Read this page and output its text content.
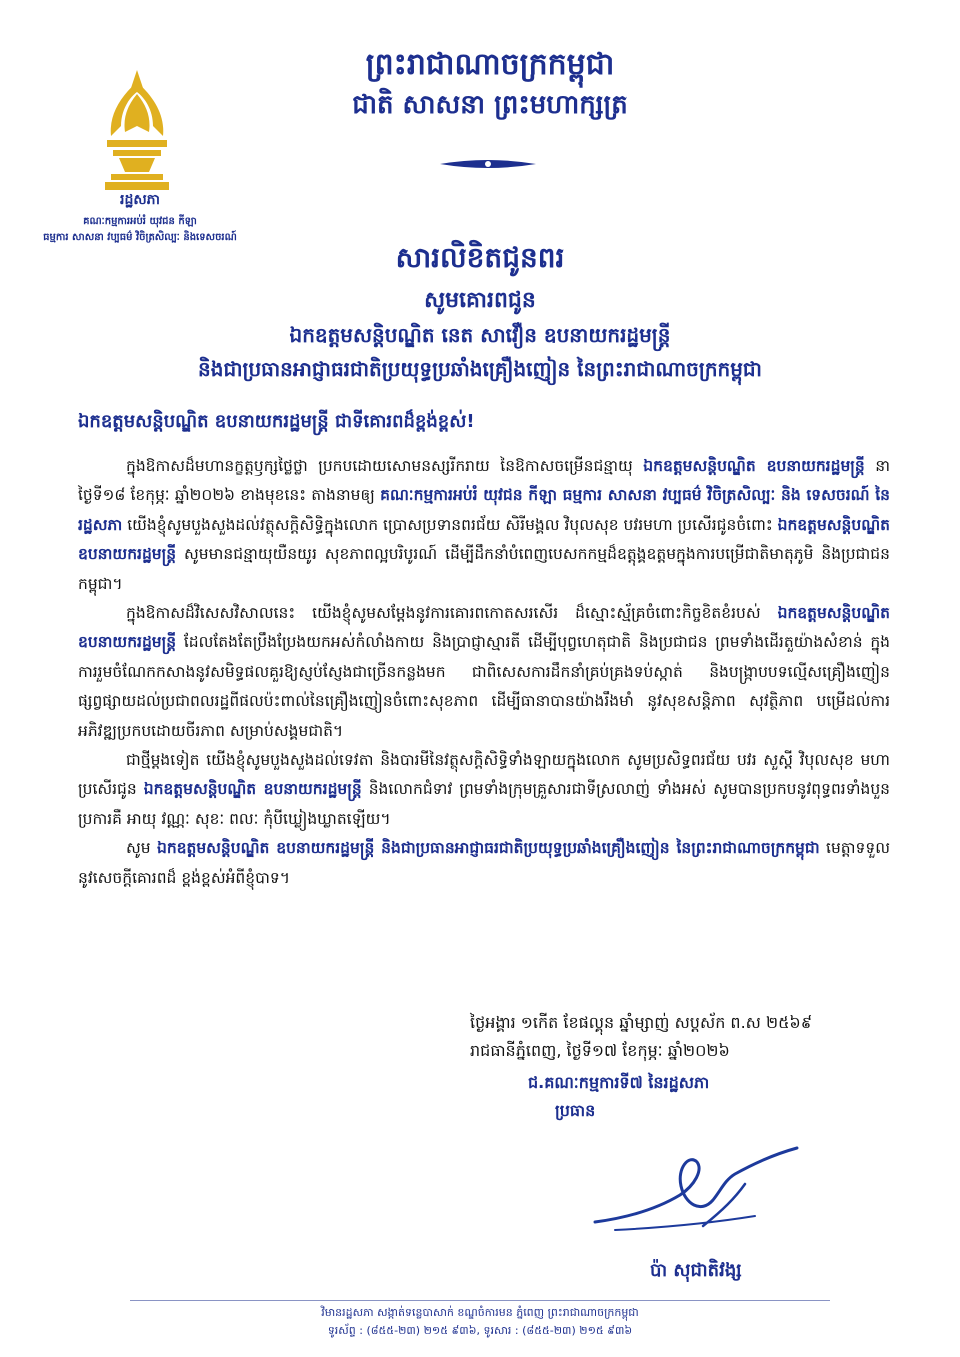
ព្រះរាជាណាចក្រកម្ពុជា
ជាតិ សាសនា ព្រះមហាក្សត្រ
រដ្ឋសភា
គណៈកម្មការអប់រំ យុវជន កីឡា
ធម្មការ សាសនា វប្បធម៌ វិចិត្រសិល្បៈ និងទេសចរណ៍
សារលិខិតជូនពរ
សូមគោរពជូន
ឯកឧត្តមសន្តិបណ្ឌិត នេត សាវឿន ឧបនាយករដ្ឋមន្ត្រី
និងជាប្រធានអាជ្ញាធរជាតិប្រយុទ្ធប្រឆាំងគ្រឿងញៀន នៃព្រះរាជាណាចក្រកម្ពុជា
ឯកឧត្តមសន្តិបណ្ឌិត ឧបនាយករដ្ឋមន្ត្រី ជាទីគោរពដ៏ខ្ពង់ខ្ពស់!

ក្នុងឱកាសដ៏មហានក្ខត្តឫក្សថ្លៃថ្លា ប្រកបដោយសោមនស្សរីករាយ នៃឱកាសចម្រើនជន្មាយុ ឯកឧត្តមសន្តិបណ្ឌិត ឧបនាយករដ្ឋមន្ត្រី នាថ្ងៃទី១៨ ខែកុម្ភៈ ឆ្នាំ២០២៦ ខាងមុខនេះ តាងនាមឲ្យ គណៈកម្មការអប់រំ យុវជន កីឡា ធម្មការ សាសនា វប្បធម៌ វិចិត្រសិល្បៈ និង ទេសចរណ៍ នៃរដ្ឋសភា យើងខ្ញុំសូមបួងសួងដល់វត្ថុសក្តិសិទ្ធិក្នុងលោក ប្រោសប្រទានពរជ័យ សិរីមង្គល វិបុលសុខ បវរមហា ប្រសើរជូនចំពោះ ឯកឧត្តមសន្តិបណ្ឌិត ឧបនាយករដ្ឋមន្ត្រី សូមមានជន្មាយុយឺនយូរ សុខភាពល្អបរិបូរណ៍ ដើម្បីដឹកនាំបំពេញបេសកកម្មដ៏ឧត្តុង្គឧត្តមក្នុងការបម្រើជាតិមាតុភូមិ និងប្រជាជនកម្ពុជា។

ក្នុងឱកាសដ៏វិសេសវិសាលនេះ យើងខ្ញុំសូមសម្តែងនូវការគោរពកោតសរសើរ ដ៏ស្មោះស្ម័គ្រចំពោះកិច្ចខិតខំរបស់ ឯកឧត្តមសន្តិបណ្ឌិត ឧបនាយករដ្ឋមន្ត្រី ដែលតែងតែប្រឹងប្រែងយកអស់កំលាំងកាយ និងប្រាជ្ញាស្មារតី ដើម្បីបុព្វហេតុជាតិ និងប្រជាជន ព្រមទាំងដើរតួយ៉ាងសំខាន់ ក្នុងការរួមចំណែកកសាងនូវសមិទ្ធផលគួរឱ្យស្ញប់ស្ញែងជាច្រើនកន្លងមក ជាពិសេសការដឹកនាំគ្រប់គ្រងទប់ស្កាត់ និងបង្ក្រាបបទល្មើសគ្រឿងញៀន ផ្សព្វផ្សាយដល់ប្រជាពលរដ្ឋពីផលប៉ះពាល់នៃគ្រឿងញៀនចំពោះសុខភាព ដើម្បីធានាបានយ៉ាងរឹងមាំ នូវសុខសន្តិភាព សុវត្ថិភាព បម្រើដល់ការអភិវឌ្ឍប្រកបដោយចីរភាព សម្រាប់សង្គមជាតិ។

ជាថ្មីម្តងទៀត យើងខ្ញុំសូមបួងសួងដល់ទេវតា និងបារមីនៃវត្ថុសក្តិសិទ្ធិទាំងឡាយក្នុងលោក សូមប្រសិទ្ធពរជ័យ បវរ សួស្តី វិបុលសុខ មហាប្រសើរជូន ឯកឧត្តមសន្តិបណ្ឌិត ឧបនាយករដ្ឋមន្ត្រី និងលោកជំទាវ ព្រមទាំងក្រុមគ្រួសារជាទីស្រលាញ់ ទាំងអស់ សូមបានប្រកបនូវពុទ្ធពរទាំងបួនប្រការគឺ អាយុ វណ្ណៈ សុខៈ ពលៈ កុំបីឃ្លៀងឃ្លាតឡើយ។

សូម ឯកឧត្តមសន្តិបណ្ឌិត ឧបនាយករដ្ឋមន្ត្រី និងជាប្រធានអាជ្ញាធរជាតិប្រយុទ្ធប្រឆាំងគ្រឿងញៀន នៃព្រះរាជាណាចក្រកម្ពុជា មេត្តាទទួលនូវសេចក្តីគោរពដ៏ ខ្ពង់ខ្ពស់អំពីខ្ញុំបាទ។

ថ្ងៃអង្គារ ១កើត ខែផល្គុន ឆ្នាំម្សាញ់ សប្តស័ក ព.ស ២៥៦៩
រាជធានីភ្នំពេញ, ថ្ងៃទី១៧ ខែកុម្ភៈ ឆ្នាំ២០២៦
ជ.គណៈកម្មការទី៧ នៃរដ្ឋសភា
ប្រធាន
ប៉ា សុជាតិវង្ស
វិមានរដ្ឋសភា សង្កាត់ទន្លេបាសាក់ ខណ្ឌចំការមន ភ្នំពេញ ព្រះរាជាណាចក្រកម្ពុជា
ទូរស័ព្ទ : (៨៥៥-២៣) ២១៥ ៩៣៦, ទូរសារ : (៨៥៥-២៣) ២១៥ ៩៣៦
